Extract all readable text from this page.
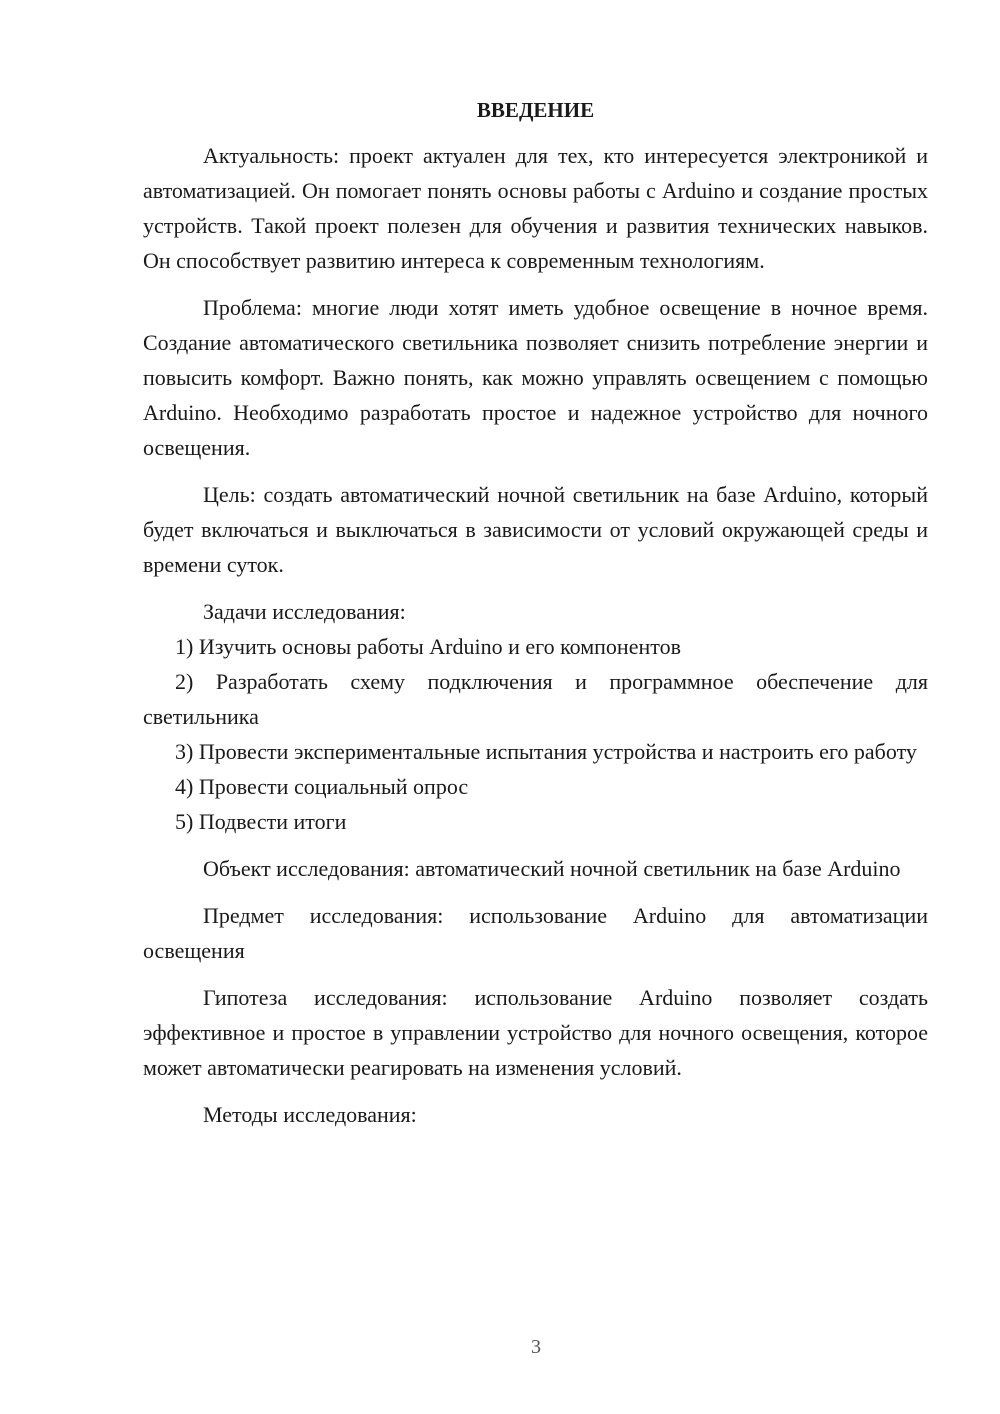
ВВЕДЕНИЕ

Актуальность: проект актуален для тех, кто интересуется электроникой и автоматизацией. Он помогает понять основы работы с Arduino и создание простых устройств. Такой проект полезен для обучения и развития технических навыков. Он способствует развитию интереса к современным технологиям.

Проблема: многие люди хотят иметь удобное освещение в ночное время. Создание автоматического светильника позволяет снизить потребление энергии и повысить комфорт. Важно понять, как можно управлять освещением с помощью Arduino. Необходимо разработать простое и надежное устройство для ночного освещения.

Цель: создать автоматический ночной светильник на базе Arduino, который будет включаться и выключаться в зависимости от условий окружающей среды и времени суток.

Задачи исследования:

1) Изучить основы работы Arduino и его компонентов

2) Разработать схему подключения и программное обеспечение для светильника

3) Провести экспериментальные испытания устройства и настроить его работу

4) Провести социальный опрос

5) Подвести итоги

Объект исследования: автоматический ночной светильник на базе Arduino

Предмет исследования: использование Arduino для автоматизации освещения

Гипотеза исследования: использование Arduino позволяет создать эффективное и простое в управлении устройство для ночного освещения, которое может автоматически реагировать на изменения условий.

Методы исследования:

3
